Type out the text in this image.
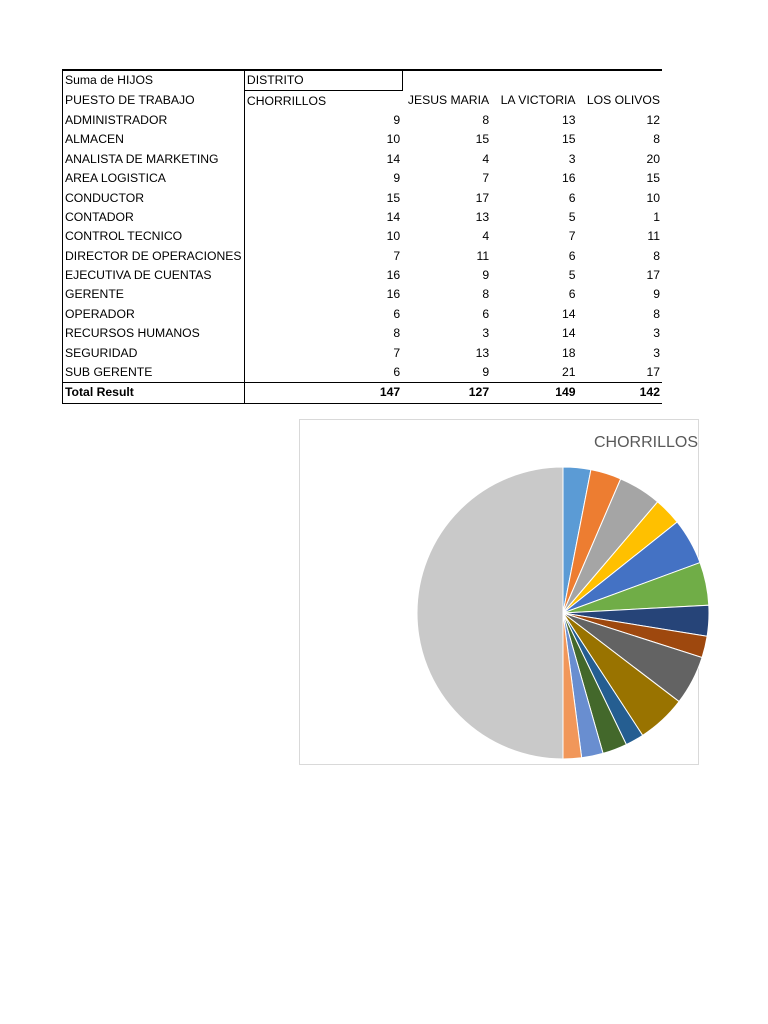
Suma de HIJOS	DISTRITO			
PUESTO DE TRABAJO	CHORRILLOS	JESUS MARIA	LA VICTORIA	LOS OLIVOS
ADMINISTRADOR	9	8	13	12
ALMACEN	10	15	15	8
ANALISTA DE MARKETING	14	4	3	20
AREA LOGISTICA	9	7	16	15
CONDUCTOR	15	17	6	10
CONTADOR	14	13	5	1
CONTROL TECNICO	10	4	7	11
DIRECTOR DE OPERACIONES	7	11	6	8
EJECUTIVA DE CUENTAS	16	9	5	17
GERENTE	16	8	6	9
OPERADOR	6	6	14	8
RECURSOS HUMANOS	8	3	14	3
SEGURIDAD	7	13	18	3
SUB GERENTE	6	9	21	17
Total Result	147	127	149	142
CHORRILLOS
